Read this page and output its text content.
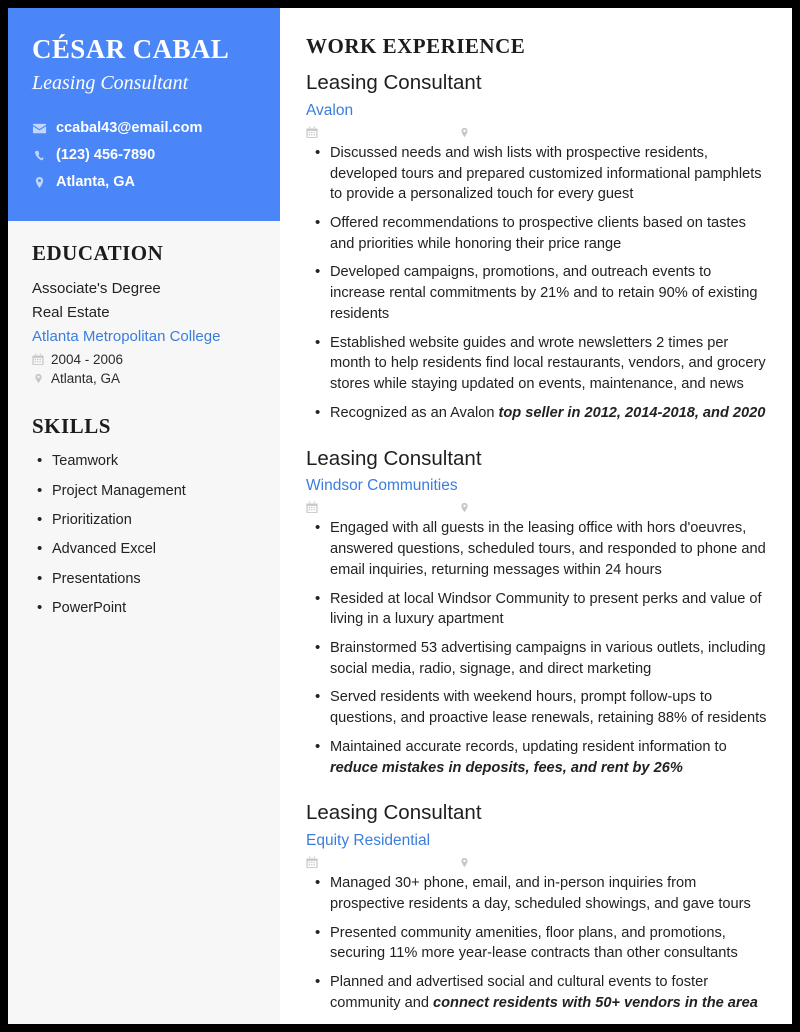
CÉSAR CABAL
Leasing Consultant
ccabal43@email.com
(123) 456-7890
Atlanta, GA
EDUCATION
Associate's Degree
Real Estate
Atlanta Metropolitan College
2004 - 2006
Atlanta, GA
SKILLS
• Teamwork
• Project Management
• Prioritization
• Advanced Excel
• Presentations
• PowerPoint
WORK EXPERIENCE
Leasing Consultant
Avalon
• Discussed needs and wish lists with prospective residents, developed tours and prepared customized informational pamphlets to provide a personalized touch for every guest
• Offered recommendations to prospective clients based on tastes and priorities while honoring their price range
• Developed campaigns, promotions, and outreach events to increase rental commitments by 21% and to retain 90% of existing residents
• Established website guides and wrote newsletters 2 times per month to help residents find local restaurants, vendors, and grocery stores while staying updated on events, maintenance, and news
• Recognized as an Avalon top seller in 2012, 2014-2018, and 2020
Leasing Consultant
Windsor Communities
• Engaged with all guests in the leasing office with hors d'oeuvres, answered questions, scheduled tours, and responded to phone and email inquiries, returning messages within 24 hours
• Resided at local Windsor Community to present perks and value of living in a luxury apartment
• Brainstormed 53 advertising campaigns in various outlets, including social media, radio, signage, and direct marketing
• Served residents with weekend hours, prompt follow-ups to questions, and proactive lease renewals, retaining 88% of residents
• Maintained accurate records, updating resident information to reduce mistakes in deposits, fees, and rent by 26%
Leasing Consultant
Equity Residential
• Managed 30+ phone, email, and in-person inquiries from prospective residents a day, scheduled showings, and gave tours
• Presented community amenities, floor plans, and promotions, securing 11% more year-lease contracts than other consultants
• Planned and advertised social and cultural events to foster community and connect residents with 50+ vendors in the area
